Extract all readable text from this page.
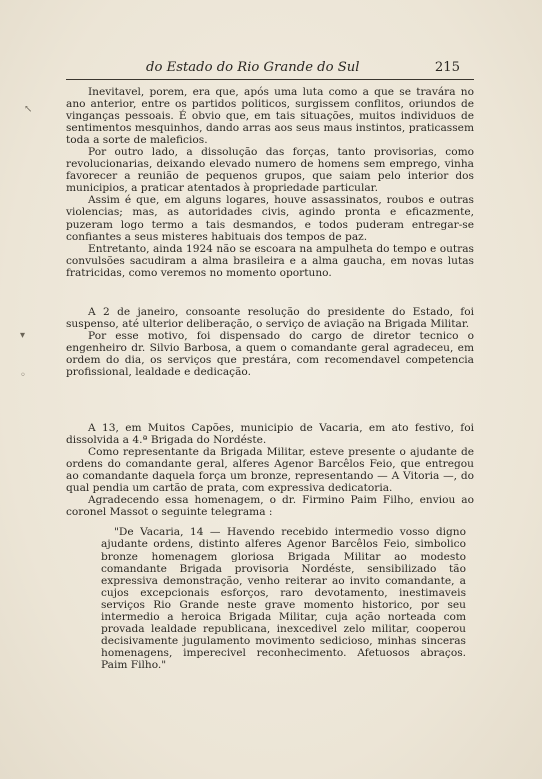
do Estado do Rio Grande do Sul	215
↖
▾
◦

Inevitavel, porem, era que, após uma luta como a que se travára no ano anterior, entre os partidos politicos, surgissem conflitos, oriundos de vinganças pessoais. É obvio que, em tais situações, muitos individuos de sentimentos mesquinhos, dando arras aos seus maus instintos, praticassem toda a sorte de maleficios.

Por outro lado, a dissolução das forças, tanto provisorias, como revolucionarias, deixando elevado numero de homens sem emprego, vinha favorecer a reunião de pequenos grupos, que saiam pelo interior dos municipios, a praticar atentados à propriedade particular.

Assim é que, em alguns logares, houve assassinatos, roubos e outras violencias; mas, as autoridades civis, agindo pronta e eficazmente, puzeram logo termo a tais desmandos, e todos puderam entregar-se confiantes a seus misteres habituais dos tempos de paz.

Entretanto, ainda 1924 não se escoara na ampulheta do tempo e outras convulsões sacudiram a alma brasileira e a alma gaucha, em novas lutas fratricidas, como veremos no momento oportuno.

A 2 de janeiro, consoante resolução do presidente do Estado, foi suspenso, até ulterior deliberação, o serviço de aviação na Brigada Militar.

Por esse motivo, foi dispensado do cargo de diretor tecnico o engenheiro dr. Silvio Barbosa, a quem o comandante geral agradeceu, em ordem do dia, os serviços que prestára, com recomendavel competencia profissional, lealdade e dedicação.

A 13, em Muitos Capões, municipio de Vacaria, em ato festivo, foi dissolvida a 4.ª Brigada do Nordéste.

Como representante da Brigada Militar, esteve presente o ajudante de ordens do comandante geral, alferes Agenor Barcêlos Feio, que entregou ao comandante daquela força um bronze, representando — A Vitoria —, do qual pendia um cartão de prata, com expressiva dedicatoria.

Agradecendo essa homenagem, o dr. Firmino Paim Filho, enviou ao coronel Massot o seguinte telegrama :

"De Vacaria, 14 — Havendo recebido intermedio vosso digno ajudante ordens, distinto alferes Agenor Barcêlos Feio, simbolico bronze homenagem gloriosa Brigada Militar ao modesto comandante Brigada provisoria Nordéste, sensibilizado tão expressiva demonstração, venho reiterar ao invito comandante, a cujos excepcionais esforços, raro devotamento, inestimaveis serviços Rio Grande neste grave momento historico, por seu intermedio a heroica Brigada Militar, cuja ação norteada com provada lealdade republicana, inexcedivel zelo militar, cooperou decisivamente jugulamento movimento sedicioso, minhas sinceras homenagens, imperecivel reconhecimento. Afetuosos abraços. Paim Filho."
